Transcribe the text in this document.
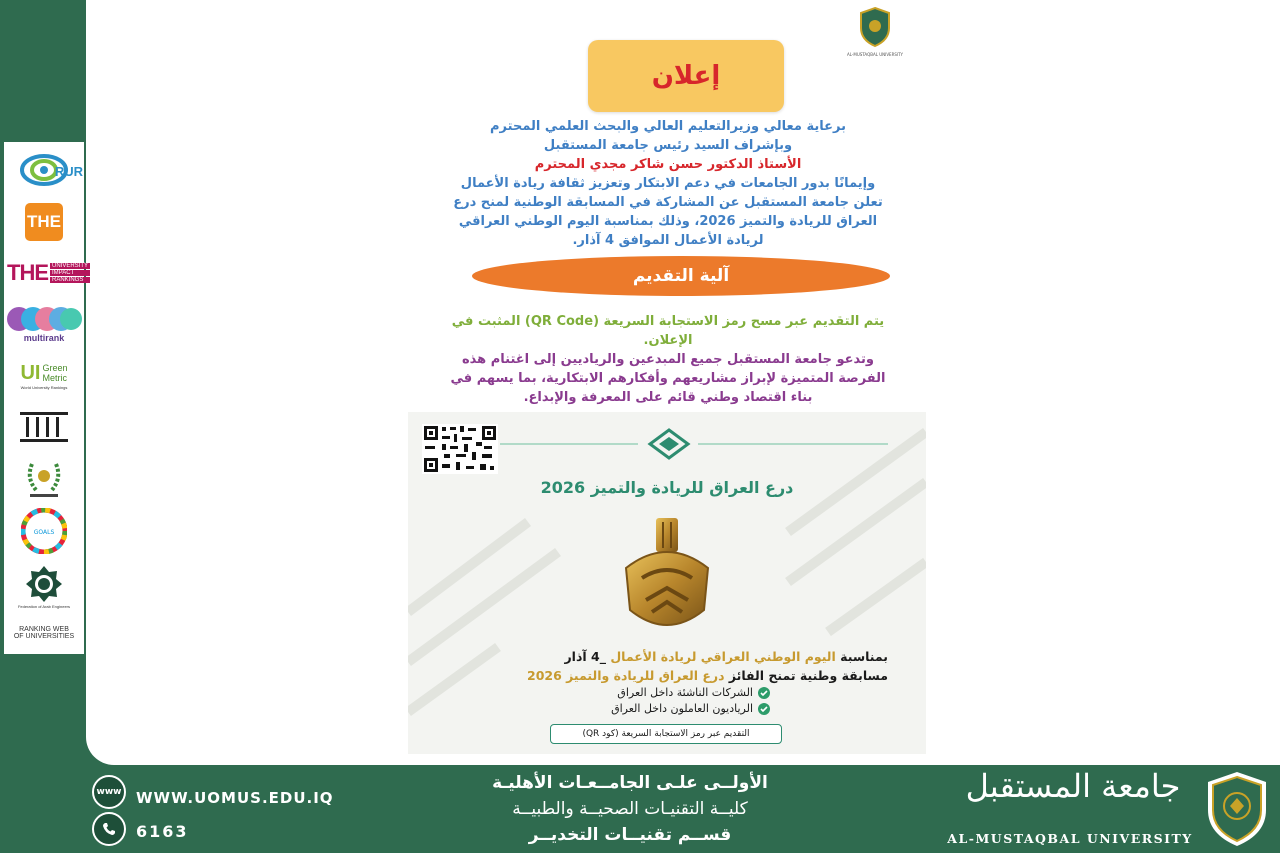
RUR
THE
THE UNIVERSITY
IMPACT
RANKINGS
multirank
UI Green
Metric
World University Rankings
GOALS
Federation of Arab Engineers
RANKING WEB
OF UNIVERSITIES
AL-MUSTAQBAL UNIVERSITY
إعلان
برعاية معالي وزيرالتعليم العالي والبحث العلمي المحترم
وبإشراف السيد رئيس جامعة المستقبل
الأستاذ الدكتور حسن شاكر مجدي المحترم
وإيمانًا بدور الجامعات في دعم الابتكار وتعزيز ثقافة ريادة الأعمال
تعلن جامعة المستقبل عن المشاركة في المسابقة الوطنية لمنح درع
العراق للريادة والتميز 2026، وذلك بمناسبة اليوم الوطني العراقي
لريادة الأعمال الموافق 4 آذار.
آلية التقديم
يتم التقديم عبر مسح رمز الاستجابة السريعة (QR Code) المثبت في
الإعلان.
وتدعو جامعة المستقبل جميع المبدعين والرياديين إلى اغتنام هذه
الفرصة المتميزة لإبراز مشاريعهم وأفكارهم الابتكارية، بما يسهم في
بناء اقتصاد وطني قائم على المعرفة والإبداع.
درع العراق للريادة والتميز 2026
بمناسبة اليوم الوطني العراقي لريادة الأعمال _4 آذار
مسابقة وطنية تمنح الفائز درع العراق للريادة والتميز 2026
الشركات الناشئة داخل العراق
الرياديون العاملون داخل العراق
التقديم عبر رمز الاستجابة السريعة (كود QR)
www WWW.UOMUS.EDU.IQ
6163
الأولــى علـى الجامــعـات الأهليـة
كليــة التقنيـات الصحيــة والطبيــة
قســم تقنيــات التخديــر
جامعة المستقبل
AL-MUSTAQBAL UNIVERSITY
